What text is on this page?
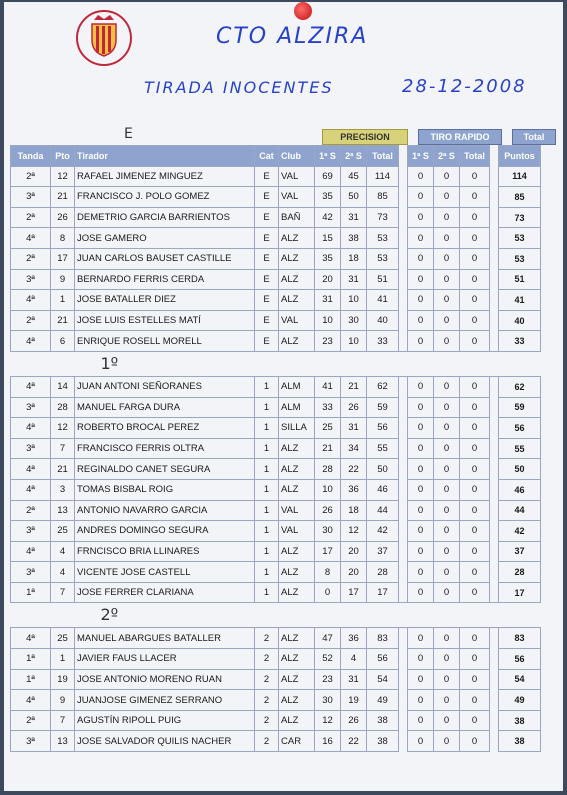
CTO ALZIRA
TIRADA INOCENTES	28-12-2008
E	PRECISION	TIRO RAPIDO	Total
Tanda	Pto	Tirador	Cat	Club	1ª S	2ª S	Total		1ª S	2ª S	Total		Puntos
2ª	12	RAFAEL JIMENEZ MINGUEZ	E	VAL	69	45	114		0	0	0		114
3ª	21	FRANCISCO J. POLO GOMEZ	E	VAL	35	50	85		0	0	0		85
2ª	26	DEMETRIO GARCIA BARRIENTOS	E	BAÑ	42	31	73		0	0	0		73
4ª	8	JOSE GAMERO	E	ALZ	15	38	53		0	0	0		53
2ª	17	JUAN CARLOS BAUSET CASTILLE	E	ALZ	35	18	53		0	0	0		53
3ª	9	BERNARDO FERRIS CERDA	E	ALZ	20	31	51		0	0	0		51
4ª	1	JOSE BATALLER DIEZ	E	ALZ	31	10	41		0	0	0		41
2ª	21	JOSE LUIS ESTELLES MATÍ	E	VAL	10	30	40		0	0	0		40
4ª	6	ENRIQUE ROSELL MORELL	E	ALZ	23	10	33		0	0	0		33

1º													

4ª	14	JUAN ANTONI SEÑORANES	1	ALM	41	21	62		0	0	0		62
3ª	28	MANUEL FARGA DURA	1	ALM	33	26	59		0	0	0		59
4ª	12	ROBERTO BROCAL PEREZ	1	SILLA	25	31	56		0	0	0		56
3ª	7	FRANCISCO FERRIS OLTRA	1	ALZ	21	34	55		0	0	0		55
4ª	21	REGINALDO CANET SEGURA	1	ALZ	28	22	50		0	0	0		50
4ª	3	TOMAS BISBAL ROIG	1	ALZ	10	36	46		0	0	0		46
2ª	13	ANTONIO NAVARRO GARCIA	1	VAL	26	18	44		0	0	0		44
3ª	25	ANDRES DOMINGO SEGURA	1	VAL	30	12	42		0	0	0		42
4ª	4	FRNCISCO BRIA LLINARES	1	ALZ	17	20	37		0	0	0		37
3ª	4	VICENTE JOSE CASTELL	1	ALZ	8	20	28		0	0	0		28
1ª	7	JOSE FERRER CLARIANA	1	ALZ	0	17	17		0	0	0		17

2º													

4ª	25	MANUEL ABARGUES BATALLER	2	ALZ	47	36	83		0	0	0		83
1ª	1	JAVIER FAUS LLACER	2	ALZ	52	4	56		0	0	0		56
1ª	19	JOSE ANTONIO MORENO RUAN	2	ALZ	23	31	54		0	0	0		54
4ª	9	JUANJOSE GIMENEZ SERRANO	2	ALZ	30	19	49		0	0	0		49
2ª	7	AGUSTÍN RIPOLL PUIG	2	ALZ	12	26	38		0	0	0		38
3ª	13	JOSE SALVADOR QUILIS NACHER	2	CAR	16	22	38		0	0	0		38
